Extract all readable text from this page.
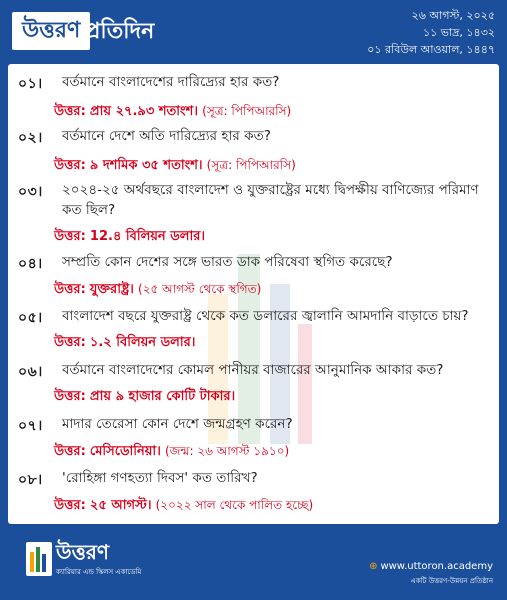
উত্তরণ প্রতিদিন
২৬ আগস্ট, ২০২৫
১১ ভাদ্র, ১৪৩২
০১ রবিউল আওয়াল, ১৪৪৭
০১।	বর্তমানে বাংলাদেশের দারিদ্র্যের হার কত?
উত্তর: প্রায় ২৭.৯৩ শতাংশ। (সূত্র: পিপিআরসি)
০২।	বর্তমানে দেশে অতি দারিদ্র্যের হার কত?
উত্তর: ৯ দশমিক ৩৫ শতাংশ। (সূত্র: পিপিআরসি)
০৩।	২০২৪-২৫ অর্থবছরে বাংলাদেশ ও যুক্তরাষ্ট্রের মধ্যে দ্বিপক্ষীয় বাণিজ্যের পরিমাণ কত ছিল?
উত্তর: 12.৪ বিলিয়ন ডলার।
০৪।	সম্প্রতি কোন দেশের সঙ্গে ভারত ডাক পরিষেবা স্থগিত করেছে?
উত্তর: যুক্তরাষ্ট্র। (২৫ আগস্ট থেকে স্থগিত)
০৫।	বাংলাদেশ বছরে যুক্তরাষ্ট্র থেকে কত ডলারের জ্বালানি আমদানি বাড়াতে চায়?
উত্তর: ১.২ বিলিয়ন ডলার।
০৬।	বর্তমানে বাংলাদেশের কোমল পানীয়র বাজারের আনুমানিক আকার কত?
উত্তর: প্রায় ৯ হাজার কোটি টাকার।
০৭।	মাদার তেরেসা কোন দেশে জন্মগ্রহণ করেন?
উত্তর: মেসিডোনিয়া। (জন্ম: ২৬ আগস্ট ১৯১০)
০৮।	'রোহিঙ্গা গণহত্যা দিবস' কত তারিখ?
উত্তর: ২৫ আগস্ট। (২০২২ সাল থেকে পালিত হচ্ছে)
উত্তরণ
ক্যারিয়ার এন্ড স্কিলস একাডেমি	⊕ www.uttoron.academy
একটি উত্তরণ-উন্নয়ন প্রতিষ্ঠান
